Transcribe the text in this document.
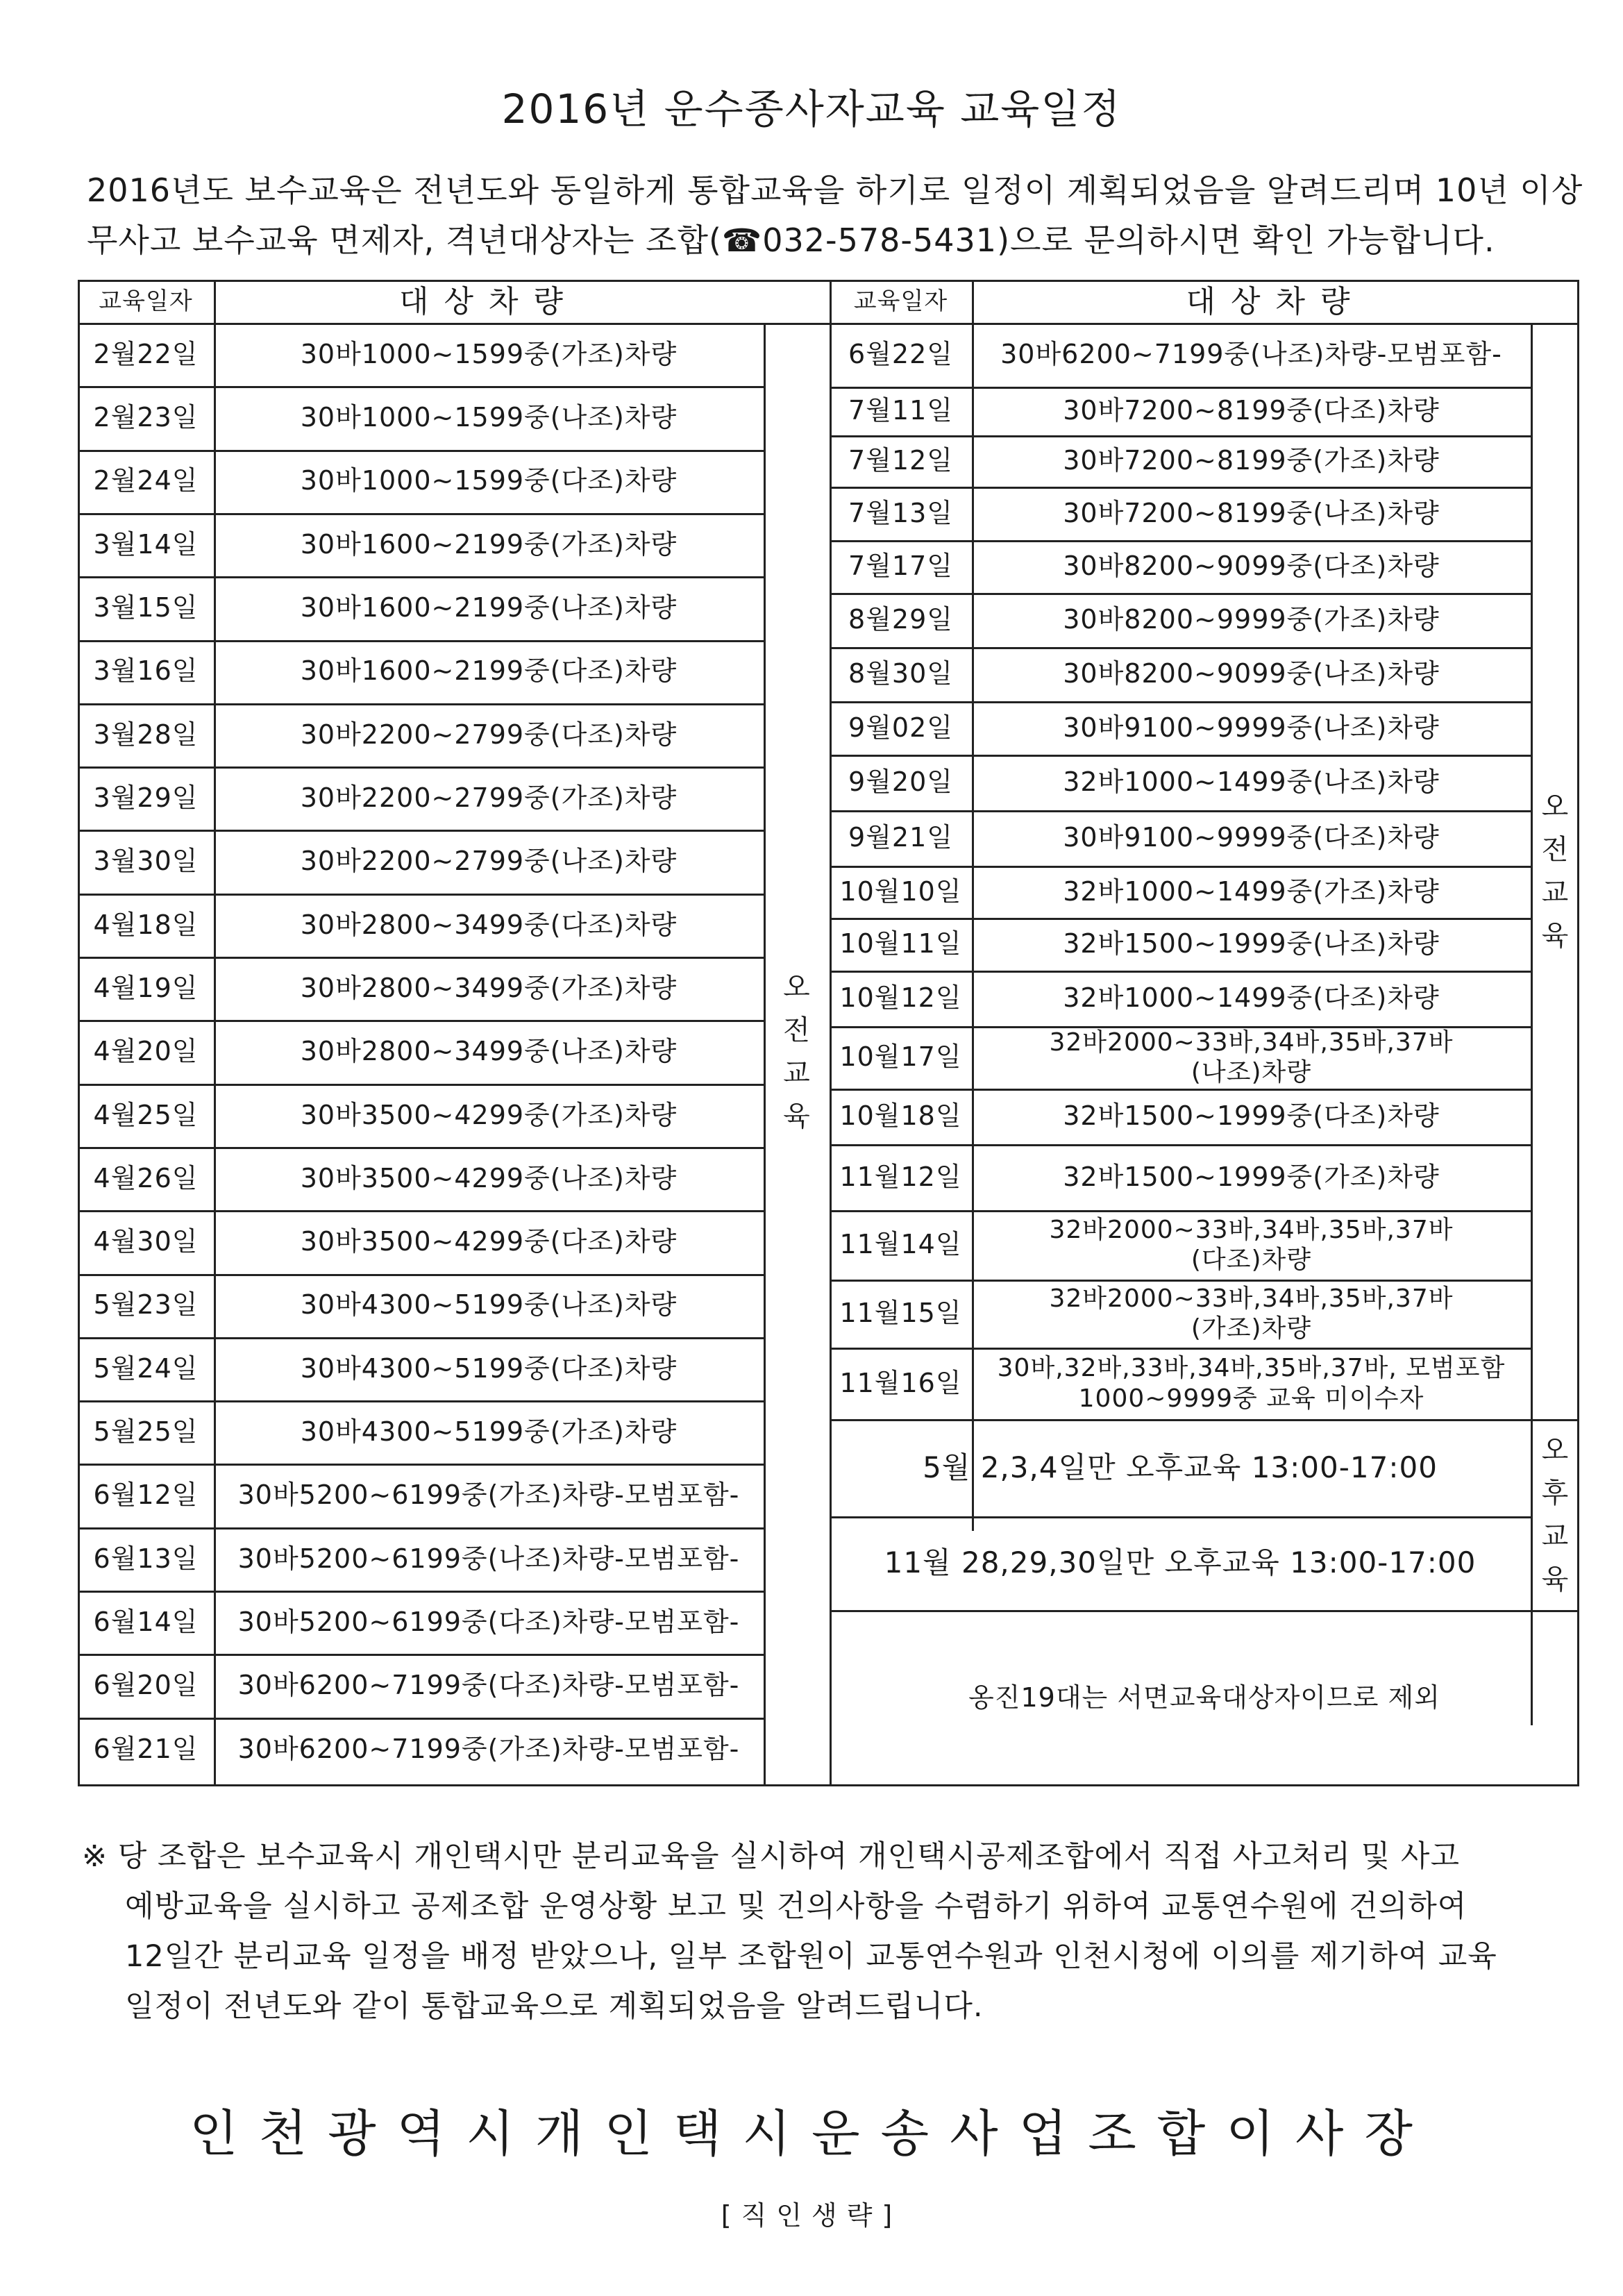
2016년 운수종사자교육 교육일정
2016년도 보수교육은 전년도와 동일하게 통합교육을 하기로 일정이 계획되었음을 알려드리며 10년 이상
무사고 보수교육 면제자, 격년대상자는 조합(☎032-578-5431)으로 문의하시면 확인 가능합니다.
교육일자	대상차량	교육일자	대상차량
2월22일	30바1000~1599중(가조)차량
2월23일	30바1000~1599중(나조)차량
2월24일	30바1000~1599중(다조)차량
3월14일	30바1600~2199중(가조)차량
3월15일	30바1600~2199중(나조)차량
3월16일	30바1600~2199중(다조)차량
3월28일	30바2200~2799중(다조)차량
3월29일	30바2200~2799중(가조)차량
3월30일	30바2200~2799중(나조)차량
4월18일	30바2800~3499중(다조)차량
4월19일	30바2800~3499중(가조)차량
4월20일	30바2800~3499중(나조)차량
4월25일	30바3500~4299중(가조)차량
4월26일	30바3500~4299중(나조)차량
4월30일	30바3500~4299중(다조)차량
5월23일	30바4300~5199중(나조)차량
5월24일	30바4300~5199중(다조)차량
5월25일	30바4300~5199중(가조)차량
6월12일	30바5200~6199중(가조)차량-모범포함-
6월13일	30바5200~6199중(나조)차량-모범포함-
6월14일	30바5200~6199중(다조)차량-모범포함-
6월20일	30바6200~7199중(다조)차량-모범포함-
6월21일	30바6200~7199중(가조)차량-모범포함-
오
전
교
육
6월22일	30바6200~7199중(나조)차량-모범포함-
7월11일	30바7200~8199중(다조)차량
7월12일	30바7200~8199중(가조)차량
7월13일	30바7200~8199중(나조)차량
7월17일	30바8200~9099중(다조)차량
8월29일	30바8200~9999중(가조)차량
8월30일	30바8200~9099중(나조)차량
9월02일	30바9100~9999중(나조)차량
9월20일	32바1000~1499중(나조)차량
9월21일	30바9100~9999중(다조)차량
10월10일	32바1000~1499중(가조)차량
10월11일	32바1500~1999중(나조)차량
10월12일	32바1000~1499중(다조)차량
10월17일	32바2000~33바,34바,35바,37바
(나조)차량
10월18일	32바1500~1999중(다조)차량
11월12일	32바1500~1999중(가조)차량
11월14일	32바2000~33바,34바,35바,37바
(다조)차량
11월15일	32바2000~33바,34바,35바,37바
(가조)차량
11월16일	30바,32바,33바,34바,35바,37바, 모범포함
1000~9999중 교육 미이수자
오
전
교
육
5월 2,3,4일만 오후교육 13:00-17:00
11월 28,29,30일만 오후교육 13:00-17:00
오
후
교
육
옹진19대는 서면교육대상자이므로 제외
※ 당 조합은 보수교육시 개인택시만 분리교육을 실시하여 개인택시공제조합에서 직접 사고처리 및 사고
예방교육을 실시하고 공제조합 운영상황 보고 및 건의사항을 수렴하기 위하여 교통연수원에 건의하여
12일간 분리교육 일정을 배정 받았으나, 일부 조합원이 교통연수원과 인천시청에 이의를 제기하여 교육
일정이 전년도와 같이 통합교육으로 계획되었음을 알려드립니다.
인천광역시개인택시운송사업조합이사장
[직인생략]
